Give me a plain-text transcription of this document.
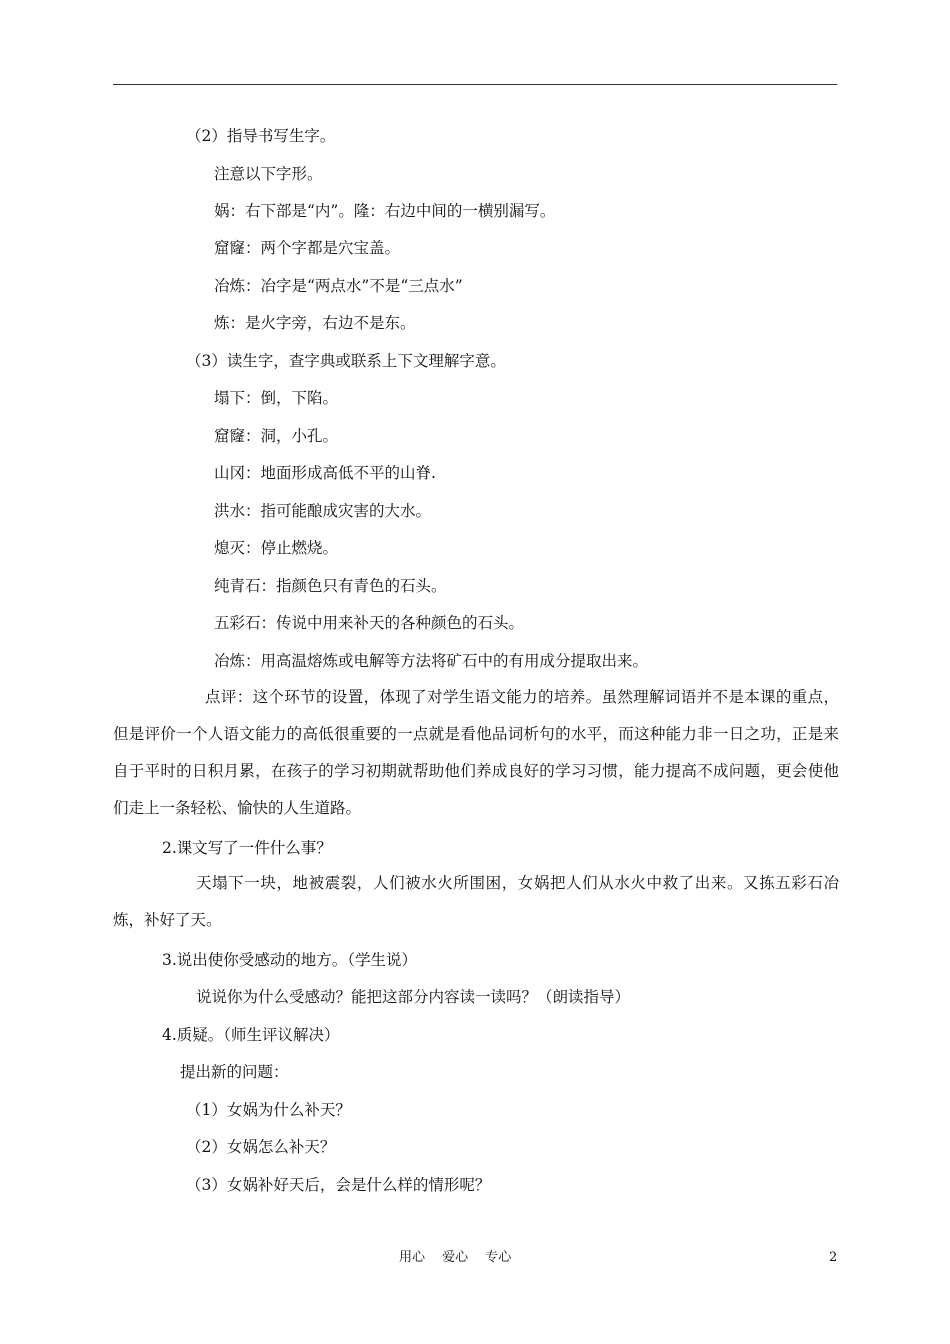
（2）指导书写生字。
注意以下字形。
娲：右下部是“内”。隆：右边中间的一横别漏写。
窟窿：两个字都是穴宝盖。
冶炼：冶字是“两点水”不是“三点水”
炼：是火字旁，右边不是东。
（3）读生字，查字典或联系上下文理解字意。
塌下：倒，下陷。
窟窿：洞，小孔。
山冈：地面形成高低不平的山脊.
洪水：指可能酿成灾害的大水。
熄灭：停止燃烧。
纯青石：指颜色只有青色的石头。
五彩石：传说中用来补天的各种颜色的石头。
冶炼：用高温熔炼或电解等方法将矿石中的有用成分提取出来。
点评：这个环节的设置，体现了对学生语文能力的培养。虽然理解词语并不是本课的重点，但是评价一个人语文能力的高低很重要的一点就是看他品词析句的水平，而这种能力非一日之功，正是来自于平时的日积月累，在孩子的学习初期就帮助他们养成良好的学习习惯，能力提高不成问题，更会使他们走上一条轻松、愉快的人生道路。
2.课文写了一件什么事？
天塌下一块，地被震裂，人们被水火所围困，女娲把人们从水火中救了出来。又拣五彩石冶炼，补好了天。
3.说出使你受感动的地方。（学生说）
说说你为什么受感动？能把这部分内容读一读吗？（朗读指导）
4.质疑。（师生评议解决）
提出新的问题：
（1）女娲为什么补天？
（2）女娲怎么补天？
（3）女娲补好天后，会是什么样的情形呢？
用心　 爱心　 专心	2
